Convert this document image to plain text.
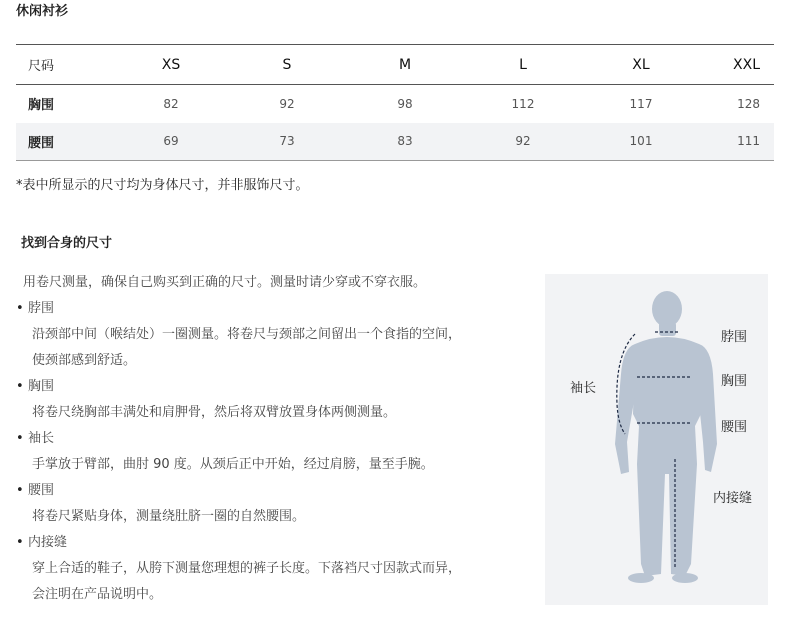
休闲衬衫
尺码	XS	S	M	L	XL	XXL
胸围	82	92	98	112	117	128
腰围	69	73	83	92	101	111
*表中所显示的尺寸均为身体尺寸，并非服饰尺寸。
找到合身的尺寸

用卷尺测量，确保自己购买到正确的尺寸。测量时请少穿或不穿衣服。

• 脖围

沿颈部中间（喉结处）一圈测量。将卷尺与颈部之间留出一个食指的空间，

使颈部感到舒适。

• 胸围

将卷尺绕胸部丰满处和肩胛骨，然后将双臂放置身体两侧测量。

• 袖长

手掌放于臂部，曲肘 90 度。从颈后正中开始，经过肩膀，量至手腕。

• 腰围

将卷尺紧贴身体，测量绕肚脐一圈的自然腰围。

• 内接缝

穿上合适的鞋子，从胯下测量您理想的裤子长度。下落裆尺寸因款式而异，

会注明在产品说明中。

脖围
胸围
腰围
袖长
内接缝
